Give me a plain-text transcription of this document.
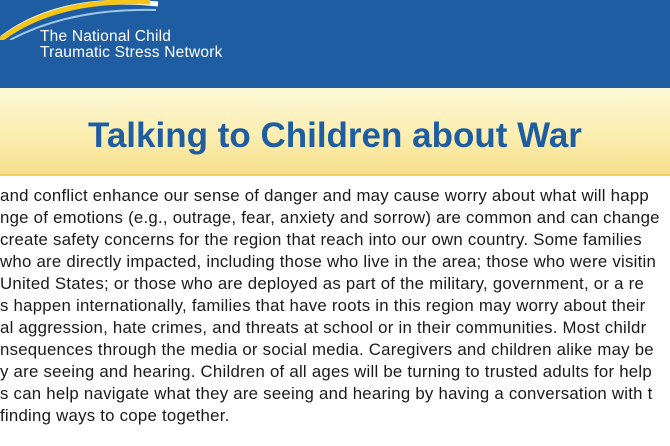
The National Child
Traumatic Stress Network
Talking to Children about War
and conflict enhance our sense of danger and may cause worry about what will happ
nge of emotions (e.g., outrage, fear, anxiety and sorrow) are common and can change
create safety concerns for the region that reach into our own country. Some families
who are directly impacted, including those who live in the area; those who were visitin
United States; or those who are deployed as part of the military, government, or a re
s happen internationally, families that have roots in this region may worry about their
al aggression, hate crimes, and threats at school or in their communities. Most childr
nsequences through the media or social media. Caregivers and children alike may be
y are seeing and hearing. Children of all ages will be turning to trusted adults for help
s can help navigate what they are seeing and hearing by having a conversation with t
finding ways to cope together.
